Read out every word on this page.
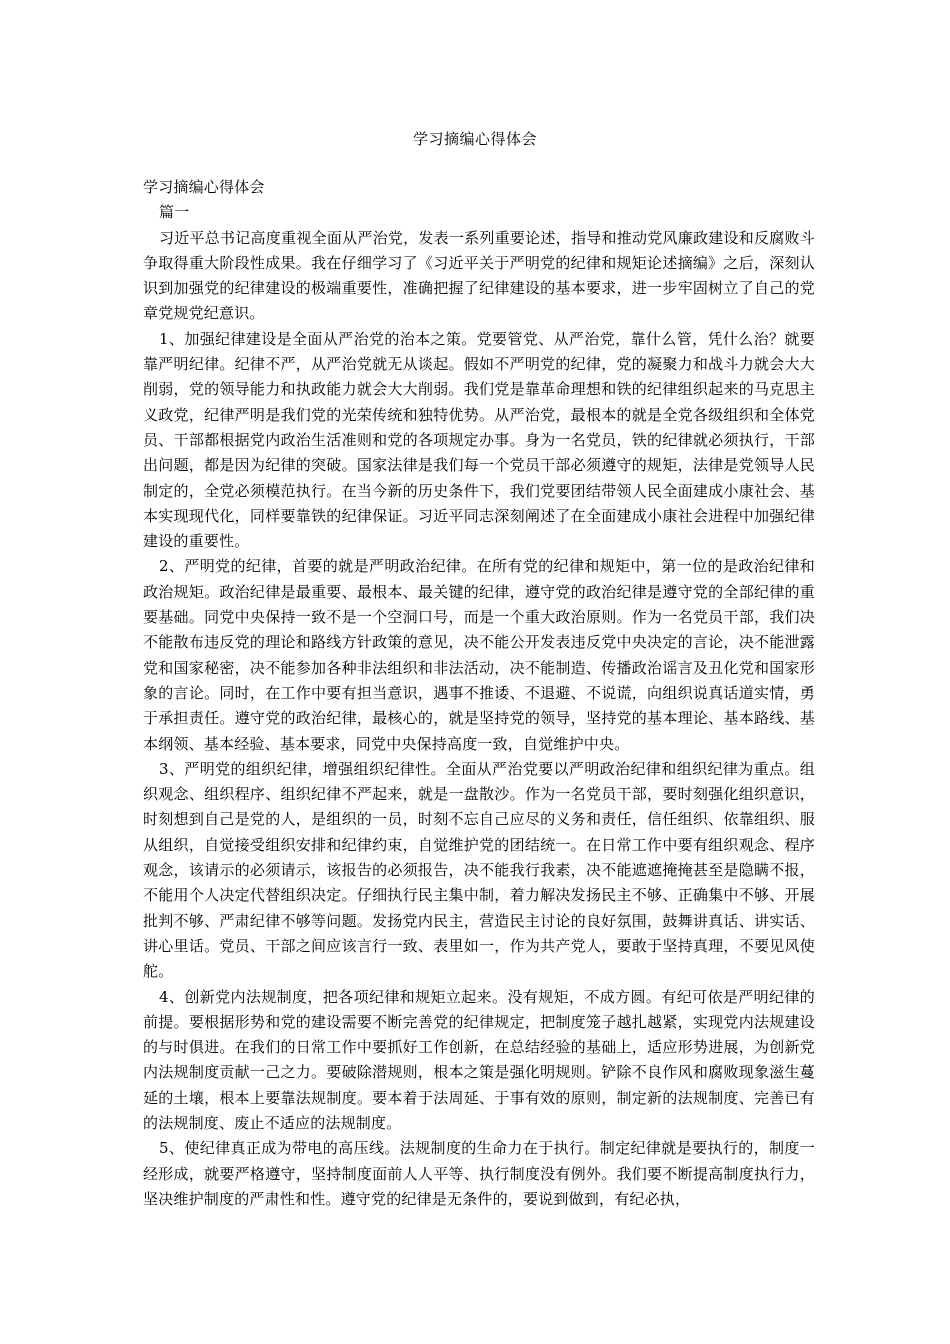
学习摘编心得体会

学习摘编心得体会

篇一

习近平总书记高度重视全面从严治党，发表一系列重要论述，指导和推动党风廉政建设和反腐败斗争取得重大阶段性成果。我在仔细学习了《习近平关于严明党的纪律和规矩论述摘编》之后，深刻认识到加强党的纪律建设的极端重要性，准确把握了纪律建设的基本要求，进一步牢固树立了自己的党章党规党纪意识。

1、加强纪律建设是全面从严治党的治本之策。党要管党、从严治党，靠什么管，凭什么治？就要靠严明纪律。纪律不严，从严治党就无从谈起。假如不严明党的纪律，党的凝聚力和战斗力就会大大削弱，党的领导能力和执政能力就会大大削弱。我们党是靠革命理想和铁的纪律组织起来的马克思主义政党，纪律严明是我们党的光荣传统和独特优势。从严治党，最根本的就是全党各级组织和全体党员、干部都根据党内政治生活准则和党的各项规定办事。身为一名党员，铁的纪律就必须执行，干部出问题，都是因为纪律的突破。国家法律是我们每一个党员干部必须遵守的规矩，法律是党领导人民制定的，全党必须模范执行。在当今新的历史条件下，我们党要团结带领人民全面建成小康社会、基本实现现代化，同样要靠铁的纪律保证。习近平同志深刻阐述了在全面建成小康社会进程中加强纪律建设的重要性。

2、严明党的纪律，首要的就是严明政治纪律。在所有党的纪律和规矩中，第一位的是政治纪律和政治规矩。政治纪律是最重要、最根本、最关键的纪律，遵守党的政治纪律是遵守党的全部纪律的重要基础。同党中央保持一致不是一个空洞口号，而是一个重大政治原则。作为一名党员干部，我们决不能散布违反党的理论和路线方针政策的意见，决不能公开发表违反党中央决定的言论，决不能泄露党和国家秘密，决不能参加各种非法组织和非法活动，决不能制造、传播政治谣言及丑化党和国家形象的言论。同时，在工作中要有担当意识，遇事不推诿、不退避、不说谎，向组织说真话道实情，勇于承担责任。遵守党的政治纪律，最核心的，就是坚持党的领导，坚持党的基本理论、基本路线、基本纲领、基本经验、基本要求，同党中央保持高度一致，自觉维护中央。

3、严明党的组织纪律，增强组织纪律性。全面从严治党要以严明政治纪律和组织纪律为重点。组织观念、组织程序、组织纪律不严起来，就是一盘散沙。作为一名党员干部，要时刻强化组织意识，时刻想到自己是党的人，是组织的一员，时刻不忘自己应尽的义务和责任，信任组织、依靠组织、服从组织，自觉接受组织安排和纪律约束，自觉维护党的团结统一。在日常工作中要有组织观念、程序观念，该请示的必须请示，该报告的必须报告，决不能我行我素，决不能遮遮掩掩甚至是隐瞒不报，不能用个人决定代替组织决定。仔细执行民主集中制，着力解决发扬民主不够、正确集中不够、开展批判不够、严肃纪律不够等问题。发扬党内民主，营造民主讨论的良好氛围，鼓舞讲真话、讲实话、讲心里话。党员、干部之间应该言行一致、表里如一，作为共产党人，要敢于坚持真理，不要见风使舵。

4、创新党内法规制度，把各项纪律和规矩立起来。没有规矩，不成方圆。有纪可依是严明纪律的前提。要根据形势和党的建设需要不断完善党的纪律规定，把制度笼子越扎越紧，实现党内法规建设的与时俱进。在我们的日常工作中要抓好工作创新，在总结经验的基础上，适应形势进展，为创新党内法规制度贡献一己之力。要破除潜规则，根本之策是强化明规则。铲除不良作风和腐败现象滋生蔓延的土壤，根本上要靠法规制度。要本着于法周延、于事有效的原则，制定新的法规制度、完善已有的法规制度、废止不适应的法规制度。

5、使纪律真正成为带电的高压线。法规制度的生命力在于执行。制定纪律就是要执行的，制度一经形成，就要严格遵守，坚持制度面前人人平等、执行制度没有例外。我们要不断提高制度执行力，坚决维护制度的严肃性和性。遵守党的纪律是无条件的，要说到做到，有纪必执，
